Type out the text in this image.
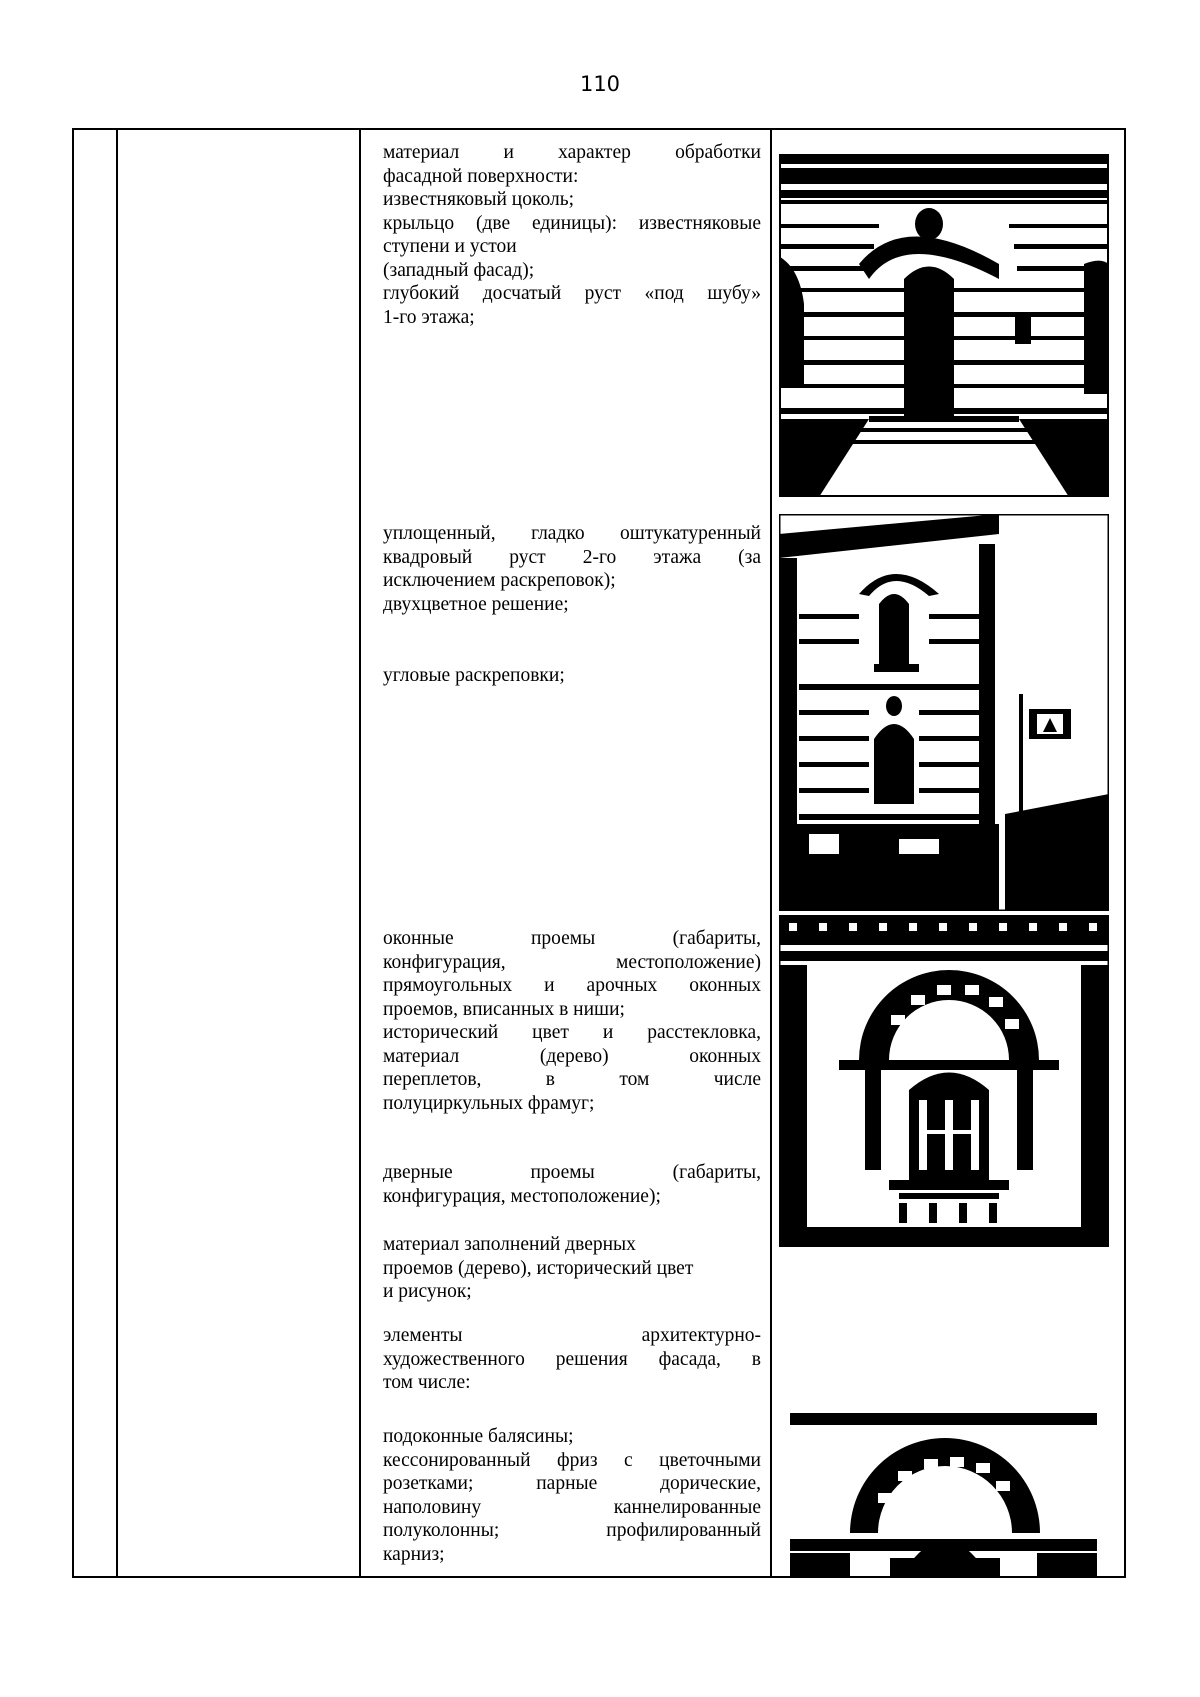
110

материал и характер обработки

фасадной поверхности:

известняковый цоколь;

крыльцо (две единицы): известняковые

ступени и устои

(западный фасад);

глубокий досчатый руст «под шубу»

1-го этажа;

уплощенный, гладко оштукатуренный

квадровый руст 2-го этажа (за

исключением раскреповок);

двухцветное решение;

угловые раскреповки;

оконные проемы (габариты,

конфигурация, местоположение)

прямоугольных и арочных оконных

проемов, вписанных в ниши;

исторический цвет и расстекловка,

материал (дерево) оконных

переплетов, в том числе

полуциркульных фрамуг;

дверные проемы (габариты,

конфигурация, местоположение);

материал заполнений дверных

проемов (дерево), исторический цвет

и рисунок;

элементы архитектурно-

художественного решения фасада, в

том числе:

подоконные балясины;

кессонированный фриз с цветочными

розетками; парные дорические,

наполовину каннелированные

полуколонны; профилированный

карниз;
